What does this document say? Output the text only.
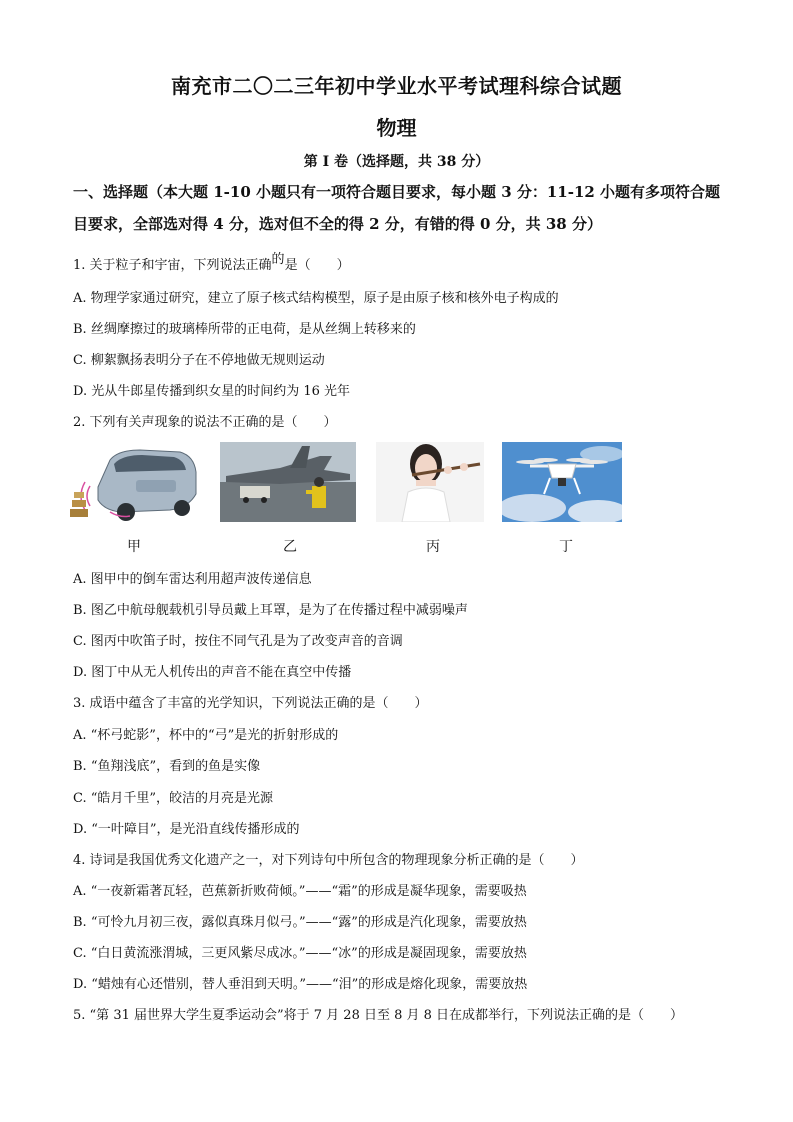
南充市二〇二三年初中学业水平考试理科综合试题
物理
第 I 卷（选择题，共 38 分）
一、选择题（本大题 1-10 小题只有一项符合题目要求，每小题 3 分：11-12 小题有多项符合题目要求，全部选对得 4 分，选对但不全的得 2 分，有错的得 0 分，共 38 分）
1. 关于粒子和宇宙，下列说法正确的是（　　）
A. 物理学家通过研究，建立了原子核式结构模型，原子是由原子核和核外电子构成的
B. 丝绸摩擦过的玻璃棒所带的正电荷，是从丝绸上转移来的
C. 柳絮飘扬表明分子在不停地做无规则运动
D. 光从牛郎星传播到织女星的时间约为 16 光年
2. 下列有关声现象的说法不正确的是（　　）
甲	乙	丙	丁
A. 图甲中的倒车雷达利用超声波传递信息
B. 图乙中航母舰载机引导员戴上耳罩，是为了在传播过程中减弱噪声
C. 图丙中吹笛子时，按住不同气孔是为了改变声音的音调
D. 图丁中从无人机传出的声音不能在真空中传播
3. 成语中蕴含了丰富的光学知识，下列说法正确的是（　　）
A. “杯弓蛇影”，杯中的“弓”是光的折射形成的
B. “鱼翔浅底”，看到的鱼是实像
C. “皓月千里”，皎洁的月亮是光源
D. “一叶障目”，是光沿直线传播形成的
4. 诗词是我国优秀文化遗产之一，对下列诗句中所包含的物理现象分析正确的是（　　）
A. “一夜新霜著瓦轻，芭蕉新折败荷倾。”——“霜”的形成是凝华现象，需要吸热
B. “可怜九月初三夜，露似真珠月似弓。”——“露”的形成是汽化现象，需要放热
C. “白日黄流涨渭城，三更风紫尽成冰。”——“冰”的形成是凝固现象，需要放热
D. “蜡烛有心还惜别，替人垂泪到天明。”——“泪”的形成是熔化现象，需要放热
5. “第 31 届世界大学生夏季运动会”将于 7 月 28 日至 8 月 8 日在成都举行，下列说法正确的是（　　）
